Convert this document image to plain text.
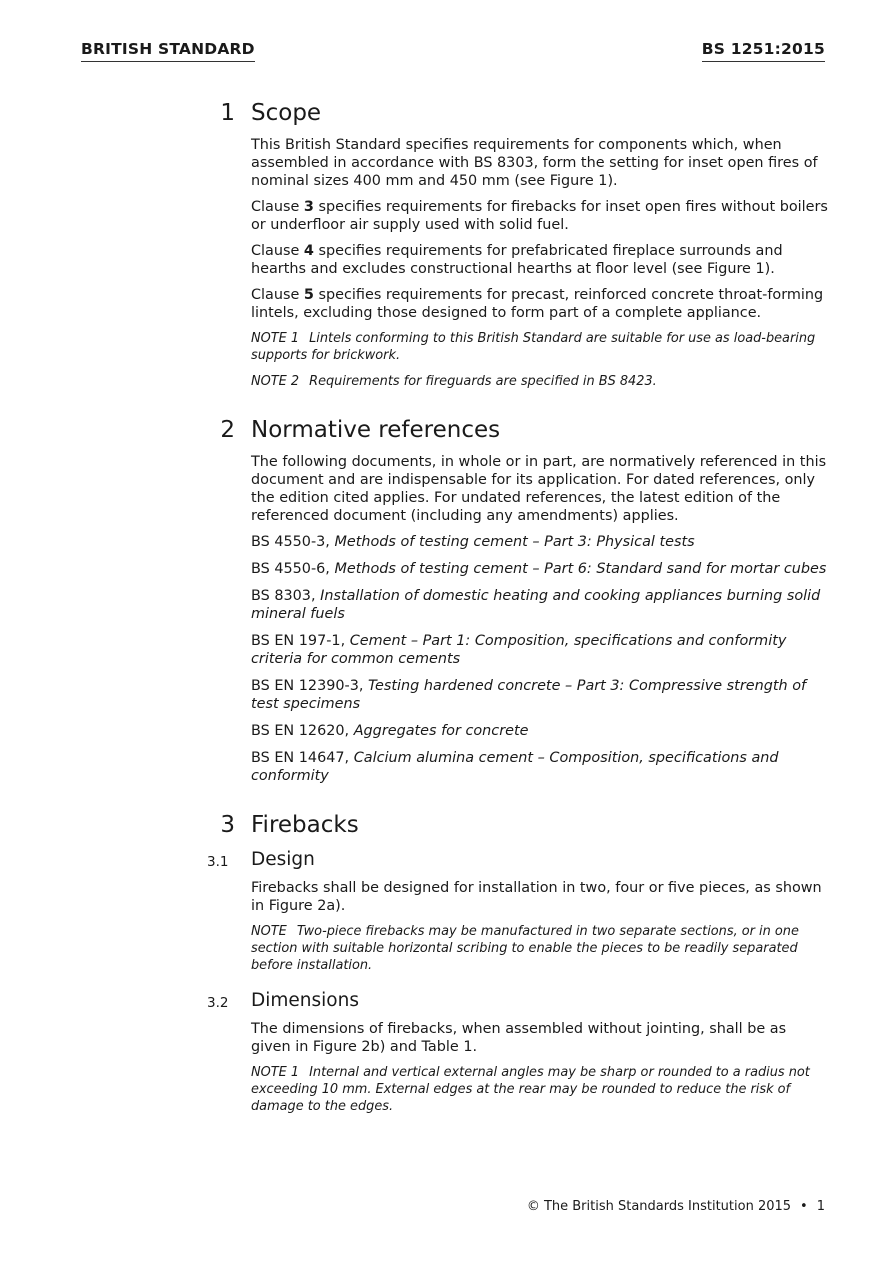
BRITISH STANDARD	BS 1251:2015
1 Scope

This British Standard specifies requirements for components which, when assembled in accordance with BS 8303, form the setting for inset open fires of nominal sizes 400 mm and 450 mm (see Figure 1).

Clause 3 specifies requirements for firebacks for inset open fires without boilers or underfloor air supply used with solid fuel.

Clause 4 specifies requirements for prefabricated fireplace surrounds and hearths and excludes constructional hearths at floor level (see Figure 1).

Clause 5 specifies requirements for precast, reinforced concrete throat-forming lintels, excluding those designed to form part of a complete appliance.

NOTE 1 Lintels conforming to this British Standard are suitable for use as load-bearing supports for brickwork.

NOTE 2 Requirements for fireguards are specified in BS 8423.

2 Normative references

The following documents, in whole or in part, are normatively referenced in this document and are indispensable for its application. For dated references, only the edition cited applies. For undated references, the latest edition of the referenced document (including any amendments) applies.

BS 4550-3, Methods of testing cement – Part 3: Physical tests

BS 4550-6, Methods of testing cement – Part 6: Standard sand for mortar cubes

BS 8303, Installation of domestic heating and cooking appliances burning solid mineral fuels

BS EN 197-1, Cement – Part 1: Composition, specifications and conformity criteria for common cements

BS EN 12390-3, Testing hardened concrete – Part 3: Compressive strength of test specimens

BS EN 12620, Aggregates for concrete

BS EN 14647, Calcium alumina cement – Composition, specifications and conformity

3 Firebacks
3.1	Design

Firebacks shall be designed for installation in two, four or five pieces, as shown in Figure 2a).

NOTE Two-piece firebacks may be manufactured in two separate sections, or in one section with suitable horizontal scribing to enable the pieces to be readily separated before installation.

3.2	Dimensions

The dimensions of firebacks, when assembled without jointing, shall be as given in Figure 2b) and Table 1.

NOTE 1 Internal and vertical external angles may be sharp or rounded to a radius not exceeding 10 mm. External edges at the rear may be rounded to reduce the risk of damage to the edges.

© The British Standards Institution 2015 • 1
